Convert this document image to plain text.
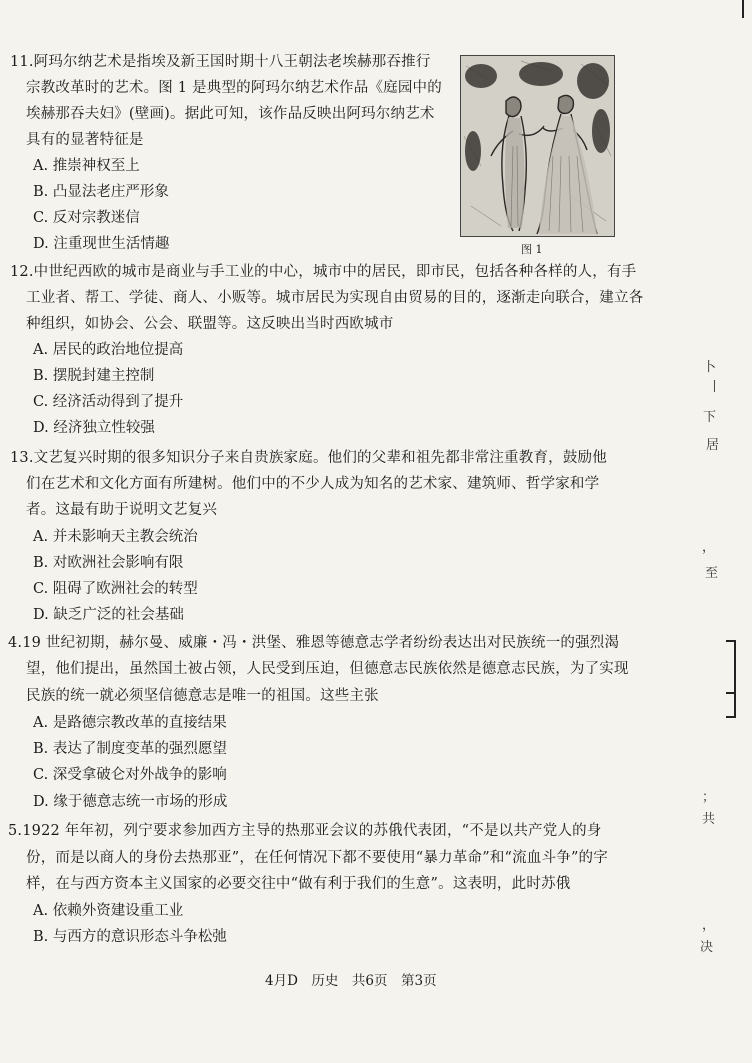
11.阿玛尔纳艺术是指埃及新王国时期十八王朝法老埃赫那吞推行
宗教改革时的艺术。图 1 是典型的阿玛尔纳艺术作品《庭园中的
埃赫那吞夫妇》(壁画)。据此可知，该作品反映出阿玛尔纳艺术
具有的显著特征是
A. 推崇神权至上
B. 凸显法老庄严形象
C. 反对宗教迷信
D. 注重现世生活情趣	图 1
12.中世纪西欧的城市是商业与手工业的中心，城市中的居民，即市民，包括各种各样的人，有手
工业者、帮工、学徒、商人、小贩等。城市居民为实现自由贸易的目的，逐渐走向联合，建立各
种组织，如协会、公会、联盟等。这反映出当时西欧城市
A. 居民的政治地位提高
B. 摆脱封建主控制
C. 经济活动得到了提升
D. 经济独立性较强
13.文艺复兴时期的很多知识分子来自贵族家庭。他们的父辈和祖先都非常注重教育，鼓励他
们在艺术和文化方面有所建树。他们中的不少人成为知名的艺术家、建筑师、哲学家和学
者。这最有助于说明文艺复兴
A. 并未影响天主教会统治
B. 对欧洲社会影响有限
C. 阻碍了欧洲社会的转型
D. 缺乏广泛的社会基础
4.19 世纪初期，赫尔曼、威廉・冯・洪堡、雅恩等德意志学者纷纷表达出对民族统一的强烈渴
望，他们提出，虽然国土被占领，人民受到压迫，但德意志民族依然是德意志民族，为了实现
民族的统一就必须坚信德意志是唯一的祖国。这些主张
A. 是路德宗教改革的直接结果
B. 表达了制度变革的强烈愿望
C. 深受拿破仑对外战争的影响
D. 缘于德意志统一市场的形成
5.1922 年年初，列宁要求参加西方主导的热那亚会议的苏俄代表团，“不是以共产党人的身
份，而是以商人的身份去热那亚”，在任何情况下都不要使用“暴力革命”和“流血斗争”的字
样，在与西方资本主义国家的必要交往中“做有利于我们的生意”。这表明，此时苏俄
A. 依赖外资建设重工业
B. 与西方的意识形态斗争松弛
4月D　历史　共6页　第3页
卜
丨
下
居
，
至
；
共
，
决
